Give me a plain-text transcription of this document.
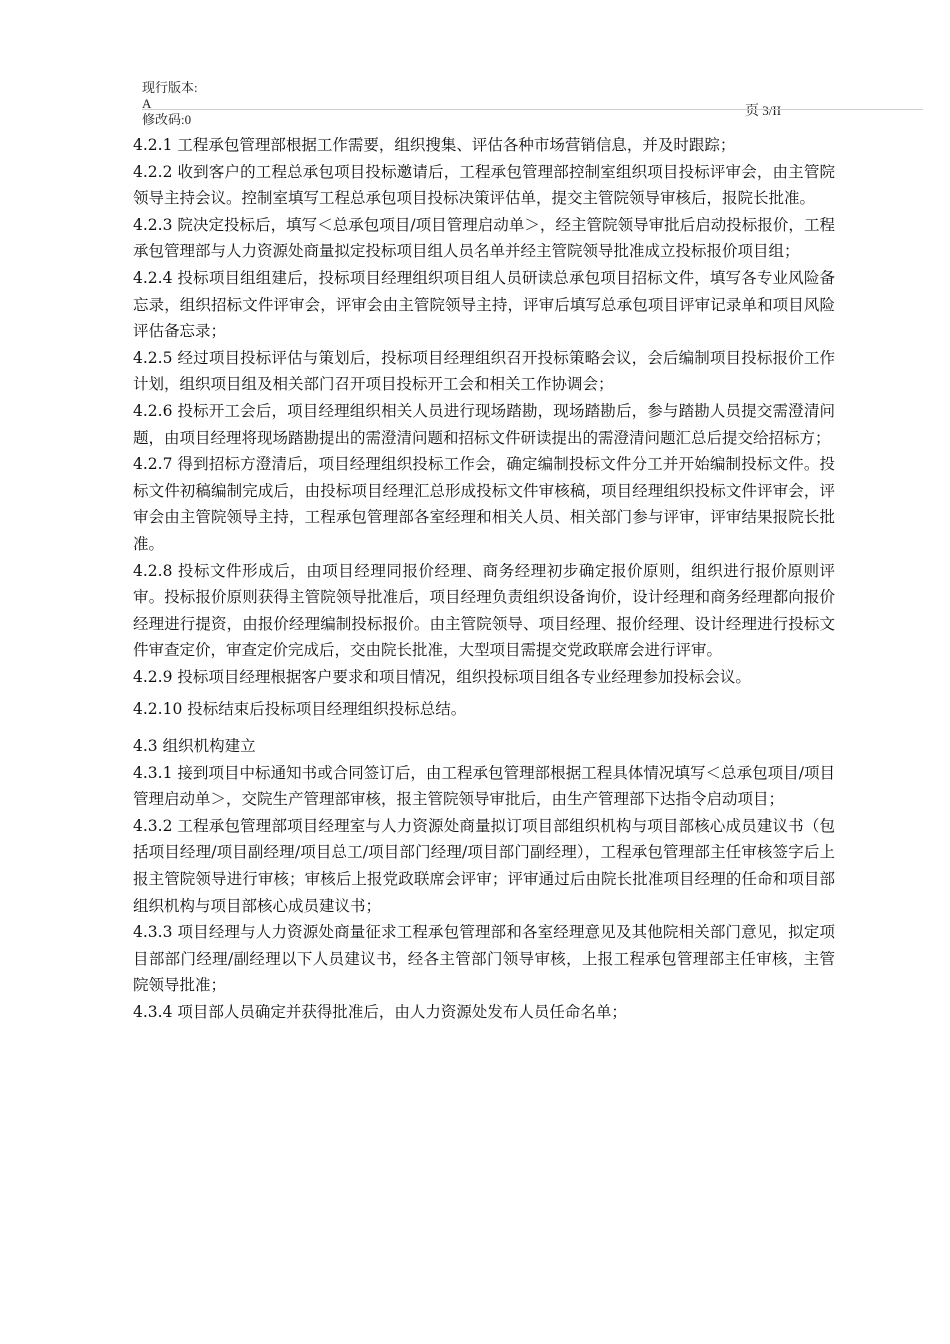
现行版本:
A
修改码:0
页 3/II

4.2.1 工程承包管理部根据工作需要，组织搜集、评估各种市场营销信息，并及时跟踪；

4.2.2 收到客户的工程总承包项目投标邀请后，工程承包管理部控制室组织项目投标评审会，由主管院领导主持会议。控制室填写工程总承包项目投标决策评估单，提交主管院领导审核后，报院长批准。

4.2.3 院决定投标后，填写＜总承包项目/项目管理启动单＞，经主管院领导审批后启动投标报价，工程承包管理部与人力资源处商量拟定投标项目组人员名单并经主管院领导批准成立投标报价项目组；

4.2.4 投标项目组组建后，投标项目经理组织项目组人员研读总承包项目招标文件，填写各专业风险备忘录，组织招标文件评审会，评审会由主管院领导主持，评审后填写总承包项目评审记录单和项目风险评估备忘录；

4.2.5 经过项目投标评估与策划后，投标项目经理组织召开投标策略会议，会后编制项目投标报价工作计划，组织项目组及相关部门召开项目投标开工会和相关工作协调会；

4.2.6 投标开工会后，项目经理组织相关人员进行现场踏勘，现场踏勘后，参与踏勘人员提交需澄清问题，由项目经理将现场踏勘提出的需澄清问题和招标文件研读提出的需澄清问题汇总后提交给招标方；

4.2.7 得到招标方澄清后，项目经理组织投标工作会，确定编制投标文件分工并开始编制投标文件。投标文件初稿编制完成后，由投标项目经理汇总形成投标文件审核稿，项目经理组织投标文件评审会，评审会由主管院领导主持，工程承包管理部各室经理和相关人员、相关部门参与评审，评审结果报院长批准。

4.2.8 投标文件形成后，由项目经理同报价经理、商务经理初步确定报价原则，组织进行报价原则评审。投标报价原则获得主管院领导批准后，项目经理负责组织设备询价，设计经理和商务经理都向报价经理进行提资，由报价经理编制投标报价。由主管院领导、项目经理、报价经理、设计经理进行投标文件审查定价，审查定价完成后，交由院长批准，大型项目需提交党政联席会进行评审。

4.2.9 投标项目经理根据客户要求和项目情况，组织投标项目组各专业经理参加投标会议。

4.2.10 投标结束后投标项目经理组织投标总结。

4.3 组织机构建立

4.3.1 接到项目中标通知书或合同签订后，由工程承包管理部根据工程具体情况填写＜总承包项目/项目管理启动单＞，交院生产管理部审核，报主管院领导审批后，由生产管理部下达指令启动项目；

4.3.2 工程承包管理部项目经理室与人力资源处商量拟订项目部组织机构与项目部核心成员建议书（包括项目经理/项目副经理/项目总工/项目部门经理/项目部门副经理），工程承包管理部主任审核签字后上报主管院领导进行审核；审核后上报党政联席会评审；评审通过后由院长批准项目经理的任命和项目部组织机构与项目部核心成员建议书；

4.3.3 项目经理与人力资源处商量征求工程承包管理部和各室经理意见及其他院相关部门意见，拟定项目部部门经理/副经理以下人员建议书，经各主管部门领导审核，上报工程承包管理部主任审核，主管院领导批准；

4.3.4 项目部人员确定并获得批准后，由人力资源处发布人员任命名单；
